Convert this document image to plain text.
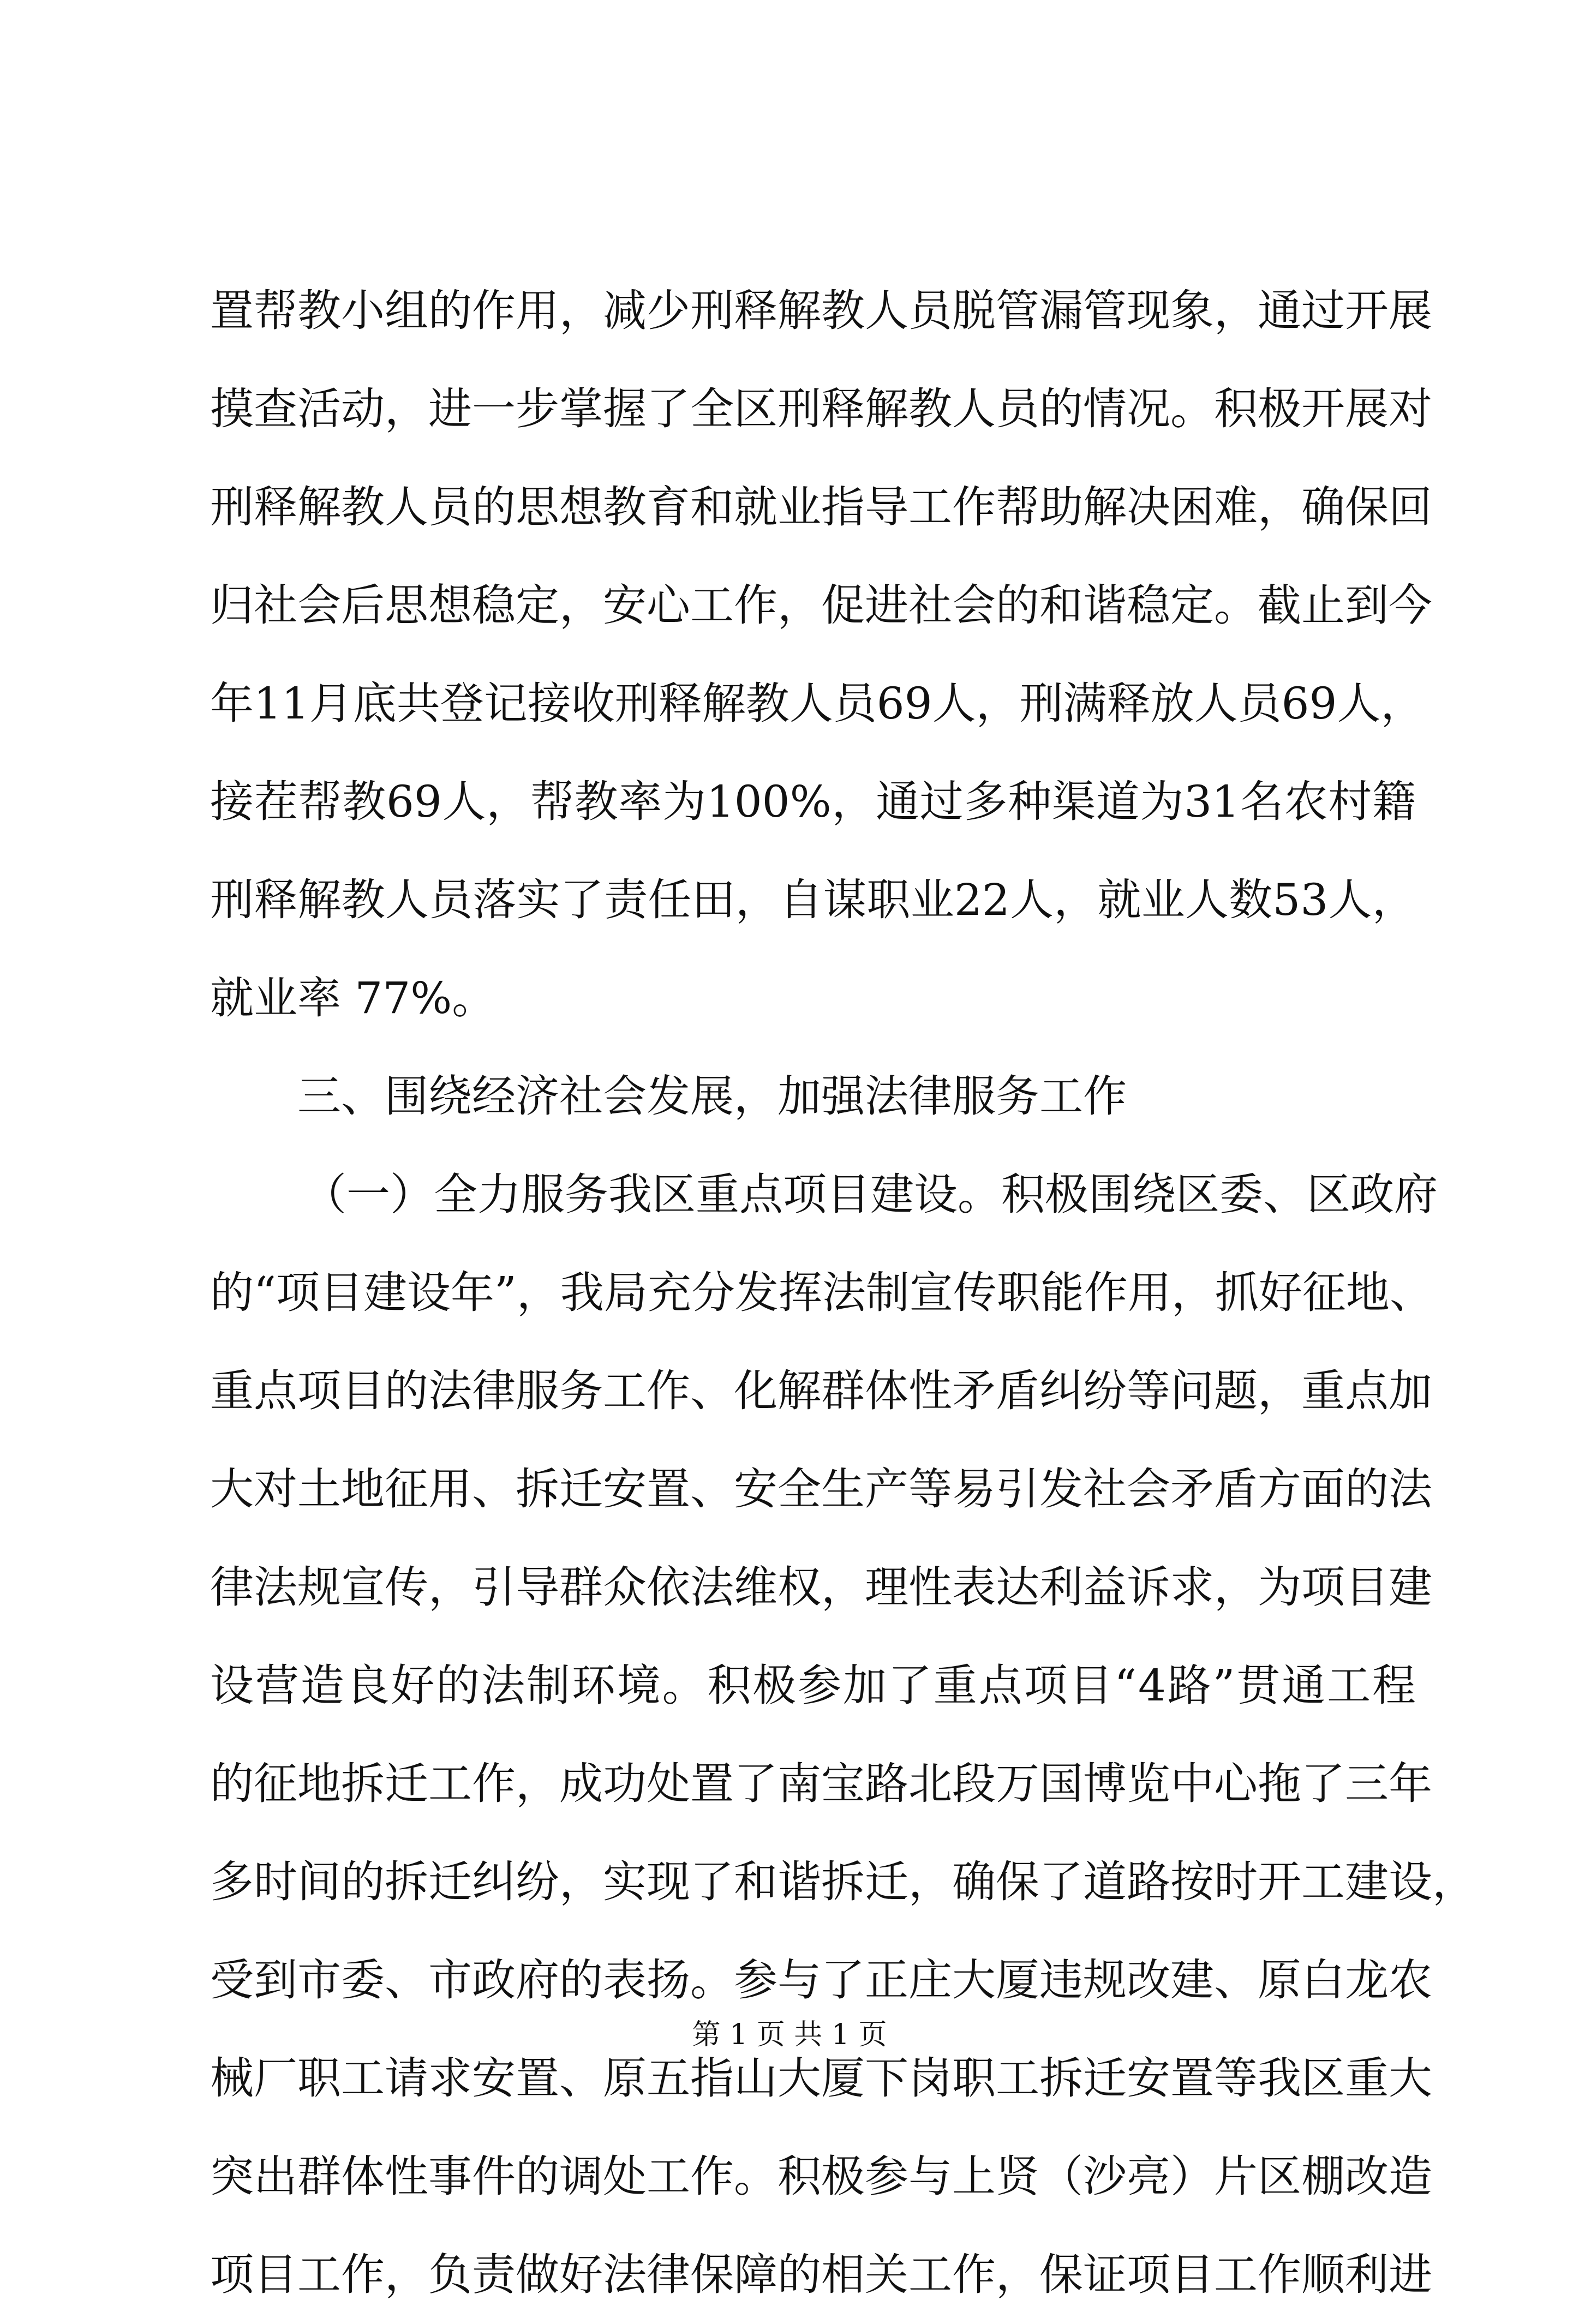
置 帮 教 小 组 的 作 用 ， 减 少 刑 释 解 教 人 员 脱 管 漏 管 现 象 ， 通 过 开 展
摸 查 活 动 ， 进 一 步 掌 握 了 全 区 刑 释 解 教 人 员 的 情 况 。 积 极 开 展 对
刑 释 解 教 人 员 的 思 想 教 育 和 就 业 指 导 工 作 帮 助 解 决 困 难 ， 确 保 回
归 社 会 后 思 想 稳 定 ， 安 心 工 作 ， 促 进 社 会 的 和 谐 稳 定 。 截 止 到 今
年 11 月 底 共 登 记 接 收 刑 释 解 教 人 员 69 人 ， 刑 满 释 放 人 员 69 人 ，
接 茬 帮 教 69 人 ， 帮 教 率 为 100% ， 通 过 多 种 渠 道 为 31 名 农 村 籍
刑 释 解 教 人 员 落 实 了 责 任 田 ， 自 谋 职 业 22 人 ， 就 业 人 数 53 人 ，
就业率 77%。
三、围绕经济社会发展，加强法律服务工作
（ 一 ） 全 力 服 务 我 区 重 点 项 目 建 设 。 积 极 围 绕 区 委 、 区 政 府
的 “ 项 目 建 设 年 ” ， 我 局 充 分 发 挥 法 制 宣 传 职 能 作 用 ， 抓 好 征 地 、
重 点 项 目 的 法 律 服 务 工 作 、 化 解 群 体 性 矛 盾 纠 纷 等 问 题 ， 重 点 加
大 对 土 地 征 用 、 拆 迁 安 置 、 安 全 生 产 等 易 引 发 社 会 矛 盾 方 面 的 法
律 法 规 宣 传 ， 引 导 群 众 依 法 维 权 ， 理 性 表 达 利 益 诉 求 ， 为 项 目 建
设 营 造 良 好 的 法 制 环 境 。 积 极 参 加 了 重 点 项 目 “ 4 路 ” 贯 通 工 程
的 征 地 拆 迁 工 作 ， 成 功 处 置 了 南 宝 路 北 段 万 国 博 览 中 心 拖 了 三 年
多 时 间 的 拆 迁 纠 纷 ， 实 现 了 和 谐 拆 迁 ， 确 保 了 道 路 按 时 开 工 建 设 ，
受 到 市 委 、 市 政 府 的 表 扬 。 参 与 了 正 庄 大 厦 违 规 改 建 、 原 白 龙 农
械 厂 职 工 请 求 安 置 、 原 五 指 山 大 厦 下 岗 职 工 拆 迁 安 置 等 我 区 重 大
突 出 群 体 性 事 件 的 调 处 工 作 。 积 极 参 与 上 贤 （ 沙 亮 ） 片 区 棚 改 造
项 目 工 作 ， 负 责 做 好 法 律 保 障 的 相 关 工 作 ， 保 证 项 目 工 作 顺 利 进
第 1 页 共 1 页
